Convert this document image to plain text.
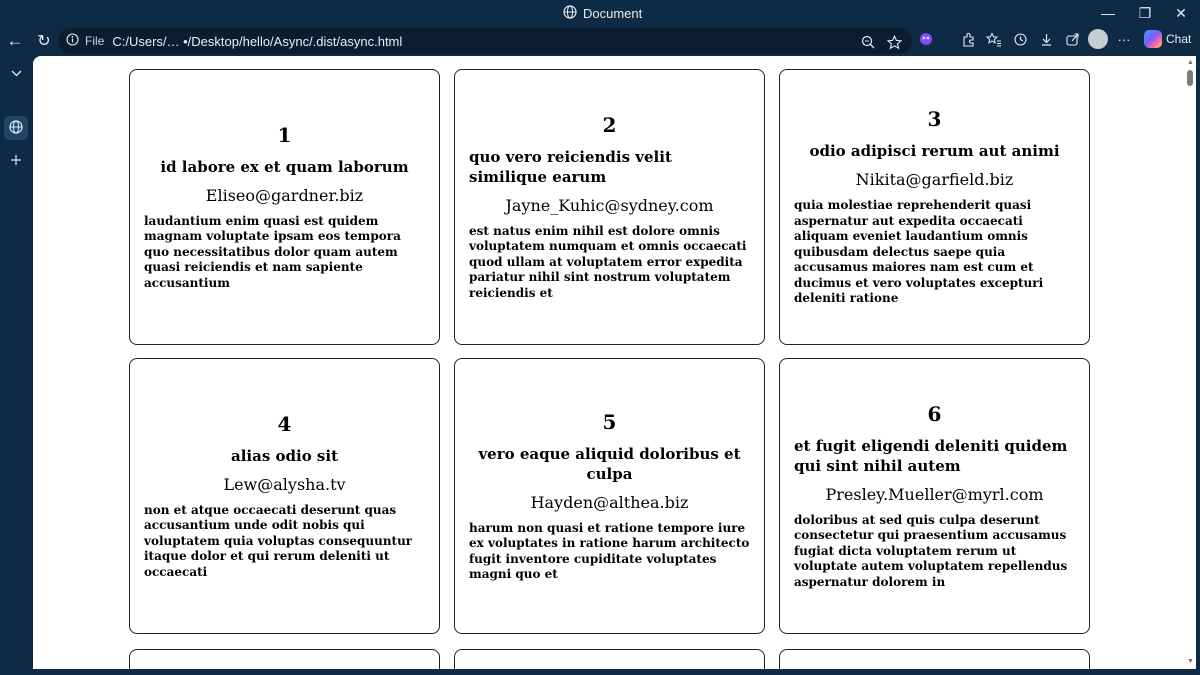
Document	—	❐	✕
← ↻	File C:/Users/… •/Desktop/hello/Async/.dist/async.html	···	Chat
1
id labore ex et quam laborum
Eliseo@gardner.biz
laudantium enim quasi est quidem magnam voluptate ipsam eos tempora quo necessitatibus dolor quam autem quasi reiciendis et nam sapiente accusantium
2
quo vero reiciendis velit similique earum
Jayne_Kuhic@sydney.com
est natus enim nihil est dolore omnis voluptatem numquam et omnis occaecati quod ullam at voluptatem error expedita pariatur nihil sint nostrum voluptatem reiciendis et
3
odio adipisci rerum aut animi
Nikita@garfield.biz
quia molestiae reprehenderit quasi aspernatur aut expedita occaecati aliquam eveniet laudantium omnis quibusdam delectus saepe quia accusamus maiores nam est cum et ducimus et vero voluptates excepturi deleniti ratione
4
alias odio sit
Lew@alysha.tv
non et atque occaecati deserunt quas accusantium unde odit nobis qui voluptatem quia voluptas consequuntur itaque dolor et qui rerum deleniti ut occaecati
5
vero eaque aliquid doloribus et culpa
Hayden@althea.biz
harum non quasi et ratione tempore iure ex voluptates in ratione harum architecto fugit inventore cupiditate voluptates magni quo et
6
et fugit eligendi deleniti quidem qui sint nihil autem
Presley.Mueller@myrl.com
doloribus at sed quis culpa deserunt consectetur qui praesentium accusamus fugiat dicta voluptatem rerum ut voluptate autem voluptatem repellendus aspernatur dolorem in
▲
▼
